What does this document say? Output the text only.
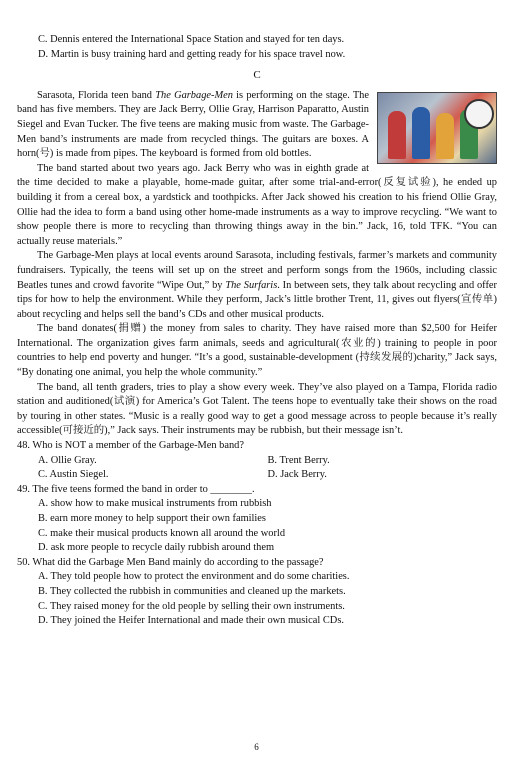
C. Dennis entered the International Space Station and stayed for ten days.

D. Martin is busy training hard and getting ready for his space travel now.

C

Sarasota, Florida teen band The Garbage-Men is performing on the stage. The band has five members. They are Jack Berry, Ollie Gray, Harrison Paparatto, Austin Siegel and Evan Tucker. The five teens are making music from waste. The Garbage-Men band’s instruments are made from recycled things. The guitars are boxes. A horn(号) is made from pipes. The keyboard is formed from old bottles.

The band started about two years ago. Jack Berry who was in eighth grade at the time decided to make a playable, home-made guitar, after some trial-and-error(反复试验), he ended up building it from a cereal box, a yardstick and toothpicks. After Jack showed his creation to his friend Ollie Gray, Ollie had the idea to form a band using other home-made instruments as a way to improve recycling. “We want to show people there is more to recycling than throwing things away in the bin.” Jack, 16, told TFK. “You can actually reuse materials.”

The Garbage-Men plays at local events around Sarasota, including festivals, farmer’s markets and community fundraisers. Typically, the teens will set up on the street and perform songs from the 1960s, including classic Beatles tunes and crowd favorite “Wipe Out,” by The Surfaris. In between sets, they talk about recycling and offer tips for how to help the environment. While they perform, Jack’s little brother Trent, 11, gives out flyers(宣传单) about recycling and helps sell the band’s CDs and other musical products.

The band donates(捐赠) the money from sales to charity. They have raised more than $2,500 for Heifer International. The organization gives farm animals, seeds and agricultural(农业的) training to people in poor countries to help end poverty and hunger. “It’s a good, sustainable-development (持续发展的)charity,” Jack says, “By donating one animal, you help the whole community.”

The band, all tenth graders, tries to play a show every week. They’ve also played on a Tampa, Florida radio station and auditioned(试演) for America’s Got Talent. The teens hope to eventually take their shows on the road by touring in other states. “Music is a really good way to get a good message across to people because it’s really accessible(可接近的),” Jack says. Their instruments may be rubbish, but their message isn’t.

48. Who is NOT a member of the Garbage-Men band?

A. Ollie Gray.	B. Trent Berry.
C. Austin Siegel.	D. Jack Berry.

49. The five teens formed the band in order to ________.

A. show how to make musical instruments from rubbish
B. earn more money to help support their own families
C. make their musical products known all around the world
D. ask more people to recycle daily rubbish around them

50. What did the Garbage Men Band mainly do according to the passage?

A. They told people how to protect the environment and do some charities.
B. They collected the rubbish in communities and cleaned up the markets.
C. They raised money for the old people by selling their own instruments.
D. They joined the Heifer International and made their own musical CDs.
6
